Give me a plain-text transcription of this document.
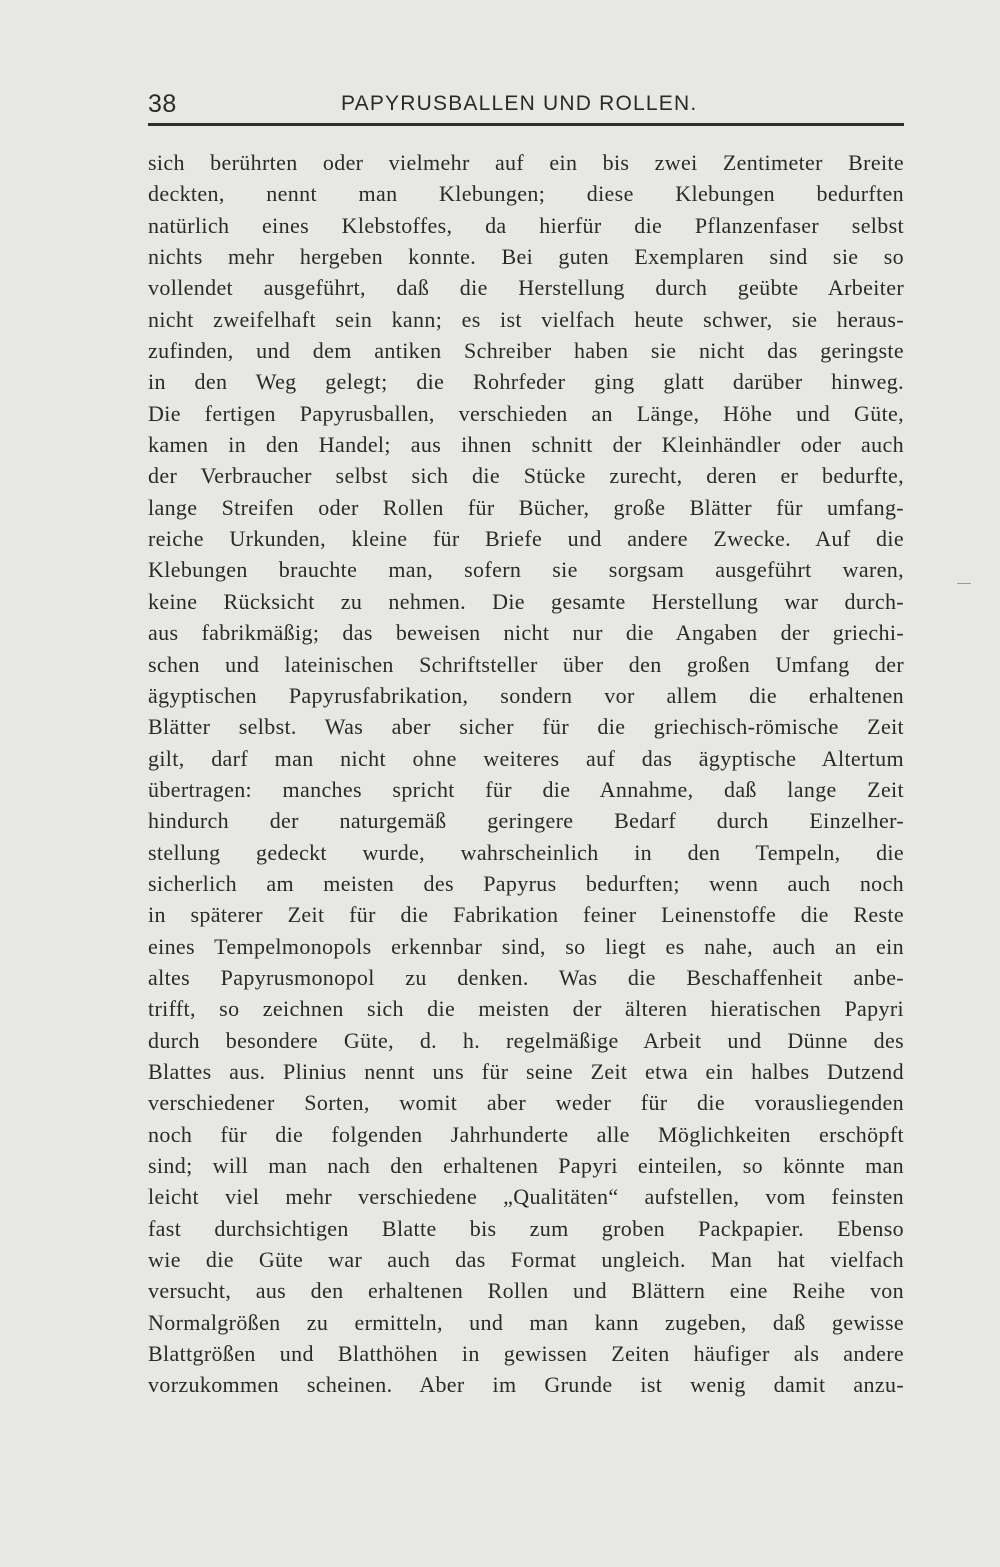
38	PAPYRUSBALLEN UND ROLLEN.
sich berührten oder vielmehr auf ein bis zwei Zentimeter Breite
deckten, nennt man Klebungen; diese Klebungen bedurften
natürlich eines Klebstoffes, da hierfür die Pflanzenfaser selbst
nichts mehr hergeben konnte. Bei guten Exemplaren sind sie so
vollendet ausgeführt, daß die Herstellung durch geübte Arbeiter
nicht zweifelhaft sein kann; es ist vielfach heute schwer, sie heraus-
zufinden, und dem antiken Schreiber haben sie nicht das geringste
in den Weg gelegt; die Rohrfeder ging glatt darüber hinweg.
Die fertigen Papyrusballen, verschieden an Länge, Höhe und Güte,
kamen in den Handel; aus ihnen schnitt der Kleinhändler oder auch
der Verbraucher selbst sich die Stücke zurecht, deren er bedurfte,
lange Streifen oder Rollen für Bücher, große Blätter für umfang-
reiche Urkunden, kleine für Briefe und andere Zwecke. Auf die
Klebungen brauchte man, sofern sie sorgsam ausgeführt waren,
keine Rücksicht zu nehmen. Die gesamte Herstellung war durch-
aus fabrikmäßig; das beweisen nicht nur die Angaben der griechi-
schen und lateinischen Schriftsteller über den großen Umfang der
ägyptischen Papyrusfabrikation, sondern vor allem die erhaltenen
Blätter selbst. Was aber sicher für die griechisch-römische Zeit
gilt, darf man nicht ohne weiteres auf das ägyptische Altertum
übertragen: manches spricht für die Annahme, daß lange Zeit
hindurch der naturgemäß geringere Bedarf durch Einzelher-
stellung gedeckt wurde, wahrscheinlich in den Tempeln, die
sicherlich am meisten des Papyrus bedurften; wenn auch noch
in späterer Zeit für die Fabrikation feiner Leinenstoffe die Reste
eines Tempelmonopols erkennbar sind, so liegt es nahe, auch an ein
altes Papyrusmonopol zu denken. Was die Beschaffenheit anbe-
trifft, so zeichnen sich die meisten der älteren hieratischen Papyri
durch besondere Güte, d. h. regelmäßige Arbeit und Dünne des
Blattes aus. Plinius nennt uns für seine Zeit etwa ein halbes Dutzend
verschiedener Sorten, womit aber weder für die vorausliegenden
noch für die folgenden Jahrhunderte alle Möglichkeiten erschöpft
sind; will man nach den erhaltenen Papyri einteilen, so könnte man
leicht viel mehr verschiedene „Qualitäten“ aufstellen, vom feinsten
fast durchsichtigen Blatte bis zum groben Packpapier. Ebenso
wie die Güte war auch das Format ungleich. Man hat vielfach
versucht, aus den erhaltenen Rollen und Blättern eine Reihe von
Normalgrößen zu ermitteln, und man kann zugeben, daß gewisse
Blattgrößen und Blatthöhen in gewissen Zeiten häufiger als andere
vorzukommen scheinen. Aber im Grunde ist wenig damit anzu-
